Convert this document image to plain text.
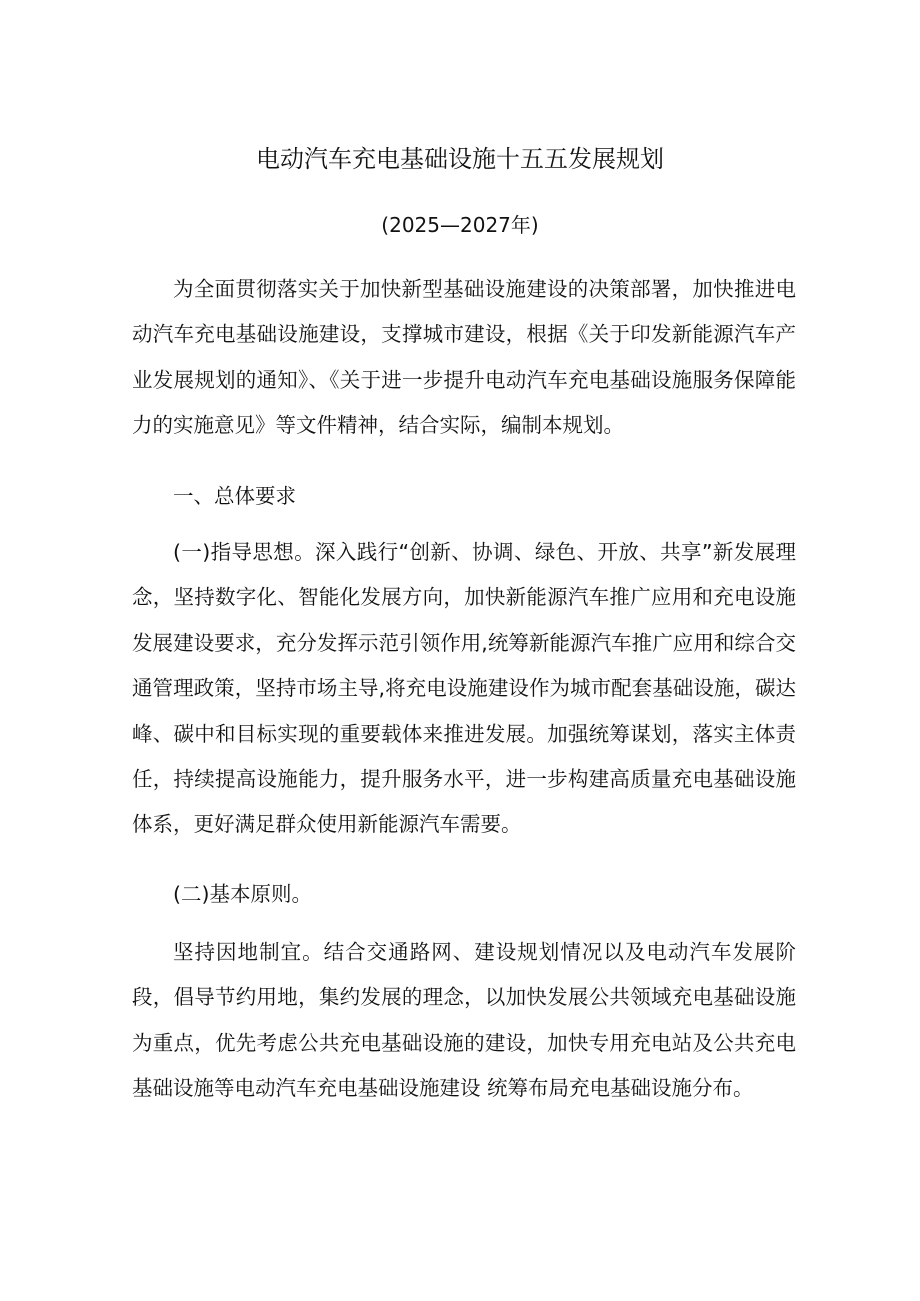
电动汽车充电基础设施十五五发展规划

(2025—2027年)

为全面贯彻落实关于加快新型基础设施建设的决策部署，加快推进电动汽车充电基础设施建设，支撑城市建设，根据《关于印发新能源汽车产业发展规划的通知》、《关于进一步提升电动汽车充电基础设施服务保障能力的实施意见》等文件精神，结合实际，编制本规划。

一、总体要求

(一)指导思想。深入践行“创新、协调、绿色、开放、共享”新发展理念，坚持数字化、智能化发展方向，加快新能源汽车推广应用和充电设施发展建设要求，充分发挥示范引领作用,统筹新能源汽车推广应用和综合交通管理政策，坚持市场主导,将充电设施建设作为城市配套基础设施，碳达峰、碳中和目标实现的重要载体来推进发展。加强统筹谋划，落实主体责任，持续提高设施能力，提升服务水平，进一步构建高质量充电基础设施体系，更好满足群众使用新能源汽车需要。

(二)基本原则。

坚持因地制宜。结合交通路网、建设规划情况以及电动汽车发展阶段，倡导节约用地，集约发展的理念，以加快发展公共领域充电基础设施为重点，优先考虑公共充电基础设施的建设，加快专用充电站及公共充电基础设施等电动汽车充电基础设施建设 统筹布局充电基础设施分布。
